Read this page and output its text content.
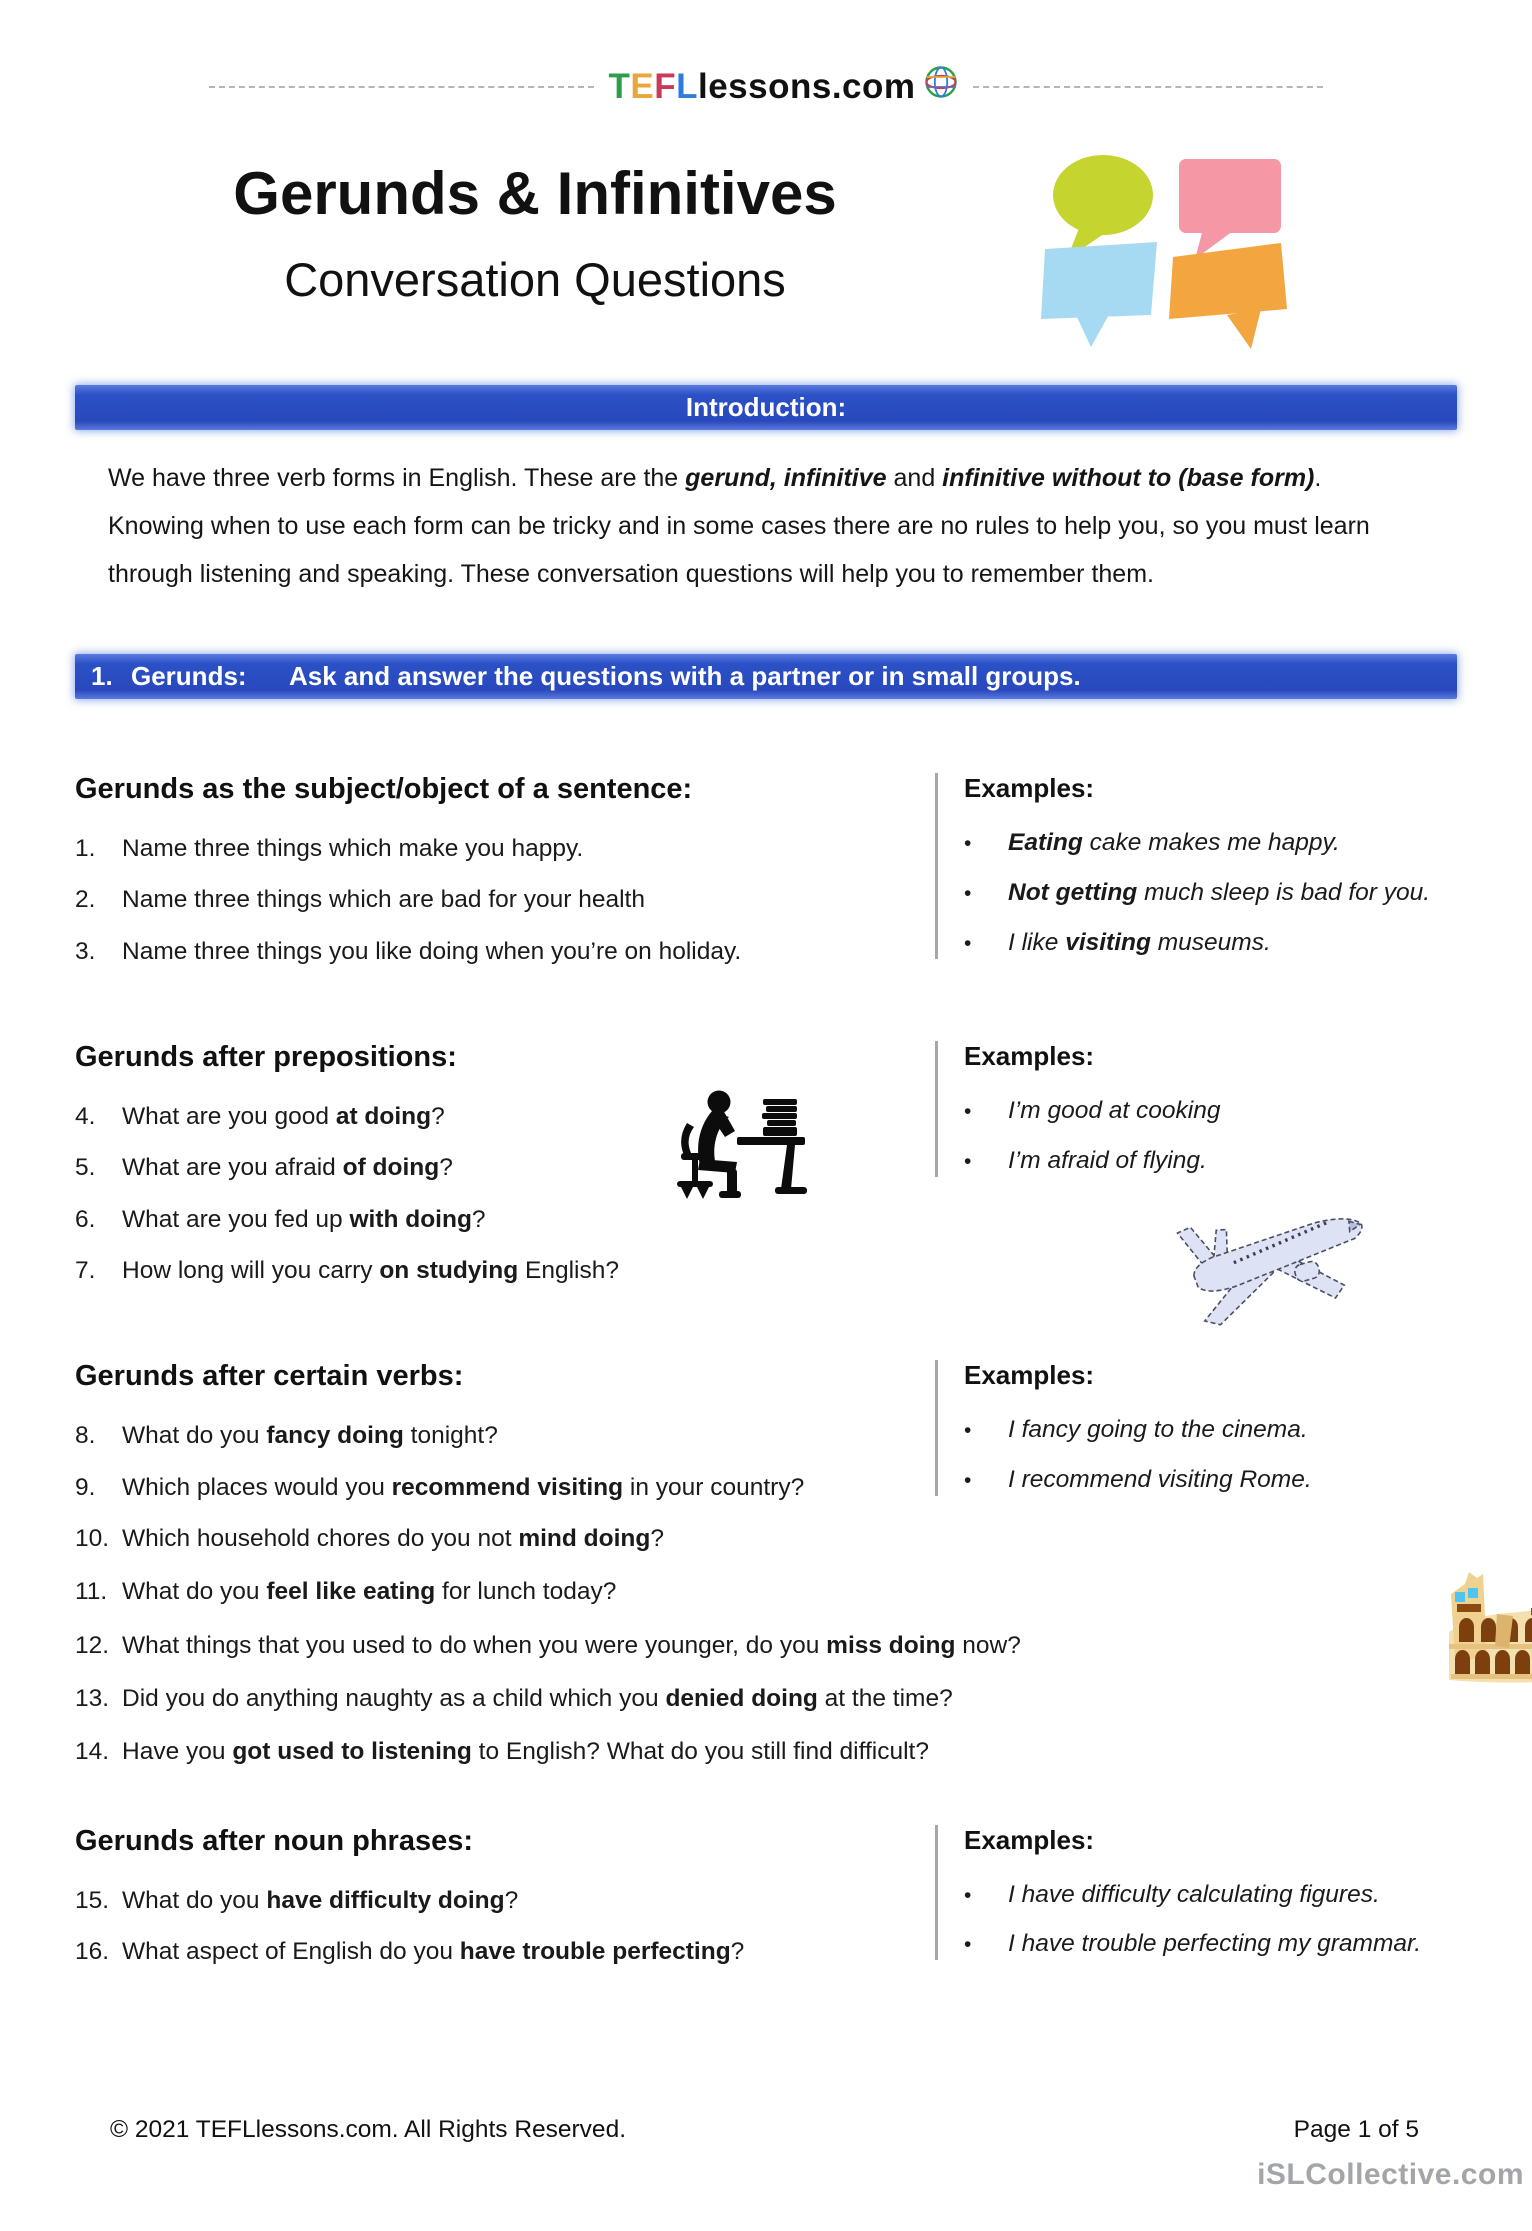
T E F L lessons.com
Gerunds & Infinitives
Conversation Questions
Introduction:
We have three verb forms in English. These are the gerund, infinitive and infinitive without to (base form). Knowing when to use each form can be tricky and in some cases there are no rules to help you, so you must learn through listening and speaking. These conversation questions will help you to remember them.
1. Gerunds:	Ask and answer the questions with a partner or in small groups.
Gerunds as the subject/object of a sentence:
1.	Name three things which make you happy.
2.	Name three things which are bad for your health
3.	Name three things you like doing when you’re on holiday.
Examples:
•	Eating cake makes me happy.
•	Not getting much sleep is bad for you.
•	I like visiting museums.
Gerunds after prepositions:
4.	What are you good at doing?
5.	What are you afraid of doing?
6.	What are you fed up with doing?
7.	How long will you carry on studying English?
Examples:
•	I’m good at cooking
•	I’m afraid of flying.
Gerunds after certain verbs:
8.	What do you fancy doing tonight?
9.	Which places would you recommend visiting in your country?
10. Which household chores do you not mind doing?
Examples:
•	I fancy going to the cinema.
•	I recommend visiting Rome.
11. What do you feel like eating for lunch today?
12. What things that you used to do when you were younger, do you miss doing now?
13. Did you do anything naughty as a child which you denied doing at the time?
14. Have you got used to listening to English? What do you still find difficult?
Gerunds after noun phrases:
15. What do you have difficulty doing?
16. What aspect of English do you have trouble perfecting?
Examples:
•	I have difficulty calculating figures.
•	I have trouble perfecting my grammar.
© 2021 TEFLlessons.com. All Rights Reserved.	Page 1 of 5
iSLCollective.com
